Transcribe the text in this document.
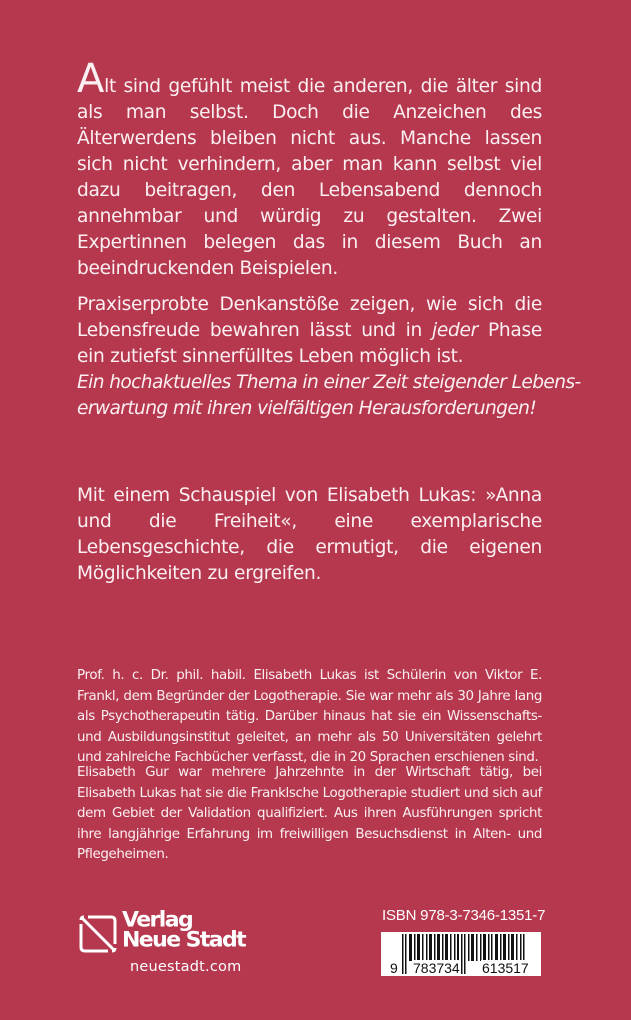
Alt sind gefühlt meist die anderen, die älter sind als man selbst. Doch die Anzeichen des Älterwerdens bleiben nicht aus. Manche lassen sich nicht verhindern, aber man kann selbst viel dazu beitragen, den Lebensabend dennoch annehmbar und würdig zu gestalten. Zwei Expertinnen belegen das in diesem Buch an beeindruckenden Beispielen.

Praxiserprobte Denkanstöße zeigen, wie sich die Lebensfreude bewahren lässt und in jeder Phase ein zutiefst sinnerfülltes Leben möglich ist.

Ein hochaktuelles Thema in einer Zeit steigender Lebens-

erwartung mit ihren vielfältigen Herausforderungen!

Mit einem Schauspiel von Elisabeth Lukas: »Anna und die Freiheit«, eine exemplarische Lebensgeschichte, die ermutigt, die eigenen Möglichkeiten zu ergreifen.

Prof. h. c. Dr. phil. habil. Elisabeth Lukas ist Schülerin von Viktor E. Frankl, dem Begründer der Logotherapie. Sie war mehr als 30 Jahre lang als Psychotherapeutin tätig. Darüber hinaus hat sie ein Wissenschafts- und Ausbildungsinstitut geleitet, an mehr als 50 Universitäten gelehrt und zahlreiche Fachbücher verfasst, die in 20 Sprachen erschienen sind.

Elisabeth Gur war mehrere Jahrzehnte in der Wirtschaft tätig, bei Elisabeth Lukas hat sie die Franklsche Logotherapie studiert und sich auf dem Gebiet der Validation qualifiziert. Aus ihren Ausführungen spricht ihre langjährige Erfahrung im freiwilligen Besuchsdienst in Alten- und Pflegeheimen.

Verlag
Neue Stadt
neuestadt.com
ISBN 978-3-7346-1351-7
9 783734 613517
